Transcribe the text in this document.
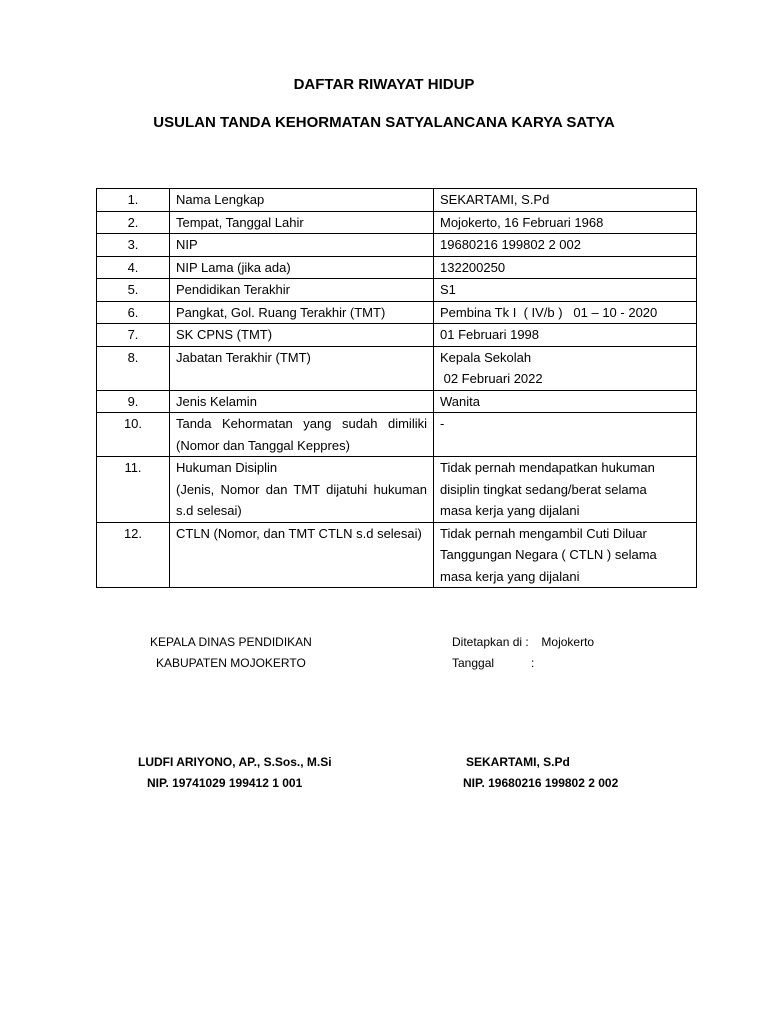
DAFTAR RIWAYAT HIDUP
USULAN TANDA KEHORMATAN SATYALANCANA KARYA SATYA
1.	Nama Lengkap	SEKARTAMI, S.Pd

2.	Tempat, Tanggal Lahir	Mojokerto, 16 Februari 1968

3.	NIP	19680216 199802 2 002

4.	NIP Lama (jika ada)	132200250

5.	Pendidikan Terakhir	S1

6.	Pangkat, Gol. Ruang Terakhir (TMT)	Pembina Tk I  ( IV/b )   01 – 10 - 2020

7.	SK CPNS (TMT)	01 Februari 1998

8.	Jabatan Terakhir (TMT)	Kepala Sekolah
02 Februari 2022

9.	Jenis Kelamin	Wanita

10.	Tanda Kehormatan yang sudah dimiliki (Nomor dan Tanggal Keppres)	-

11.	Hukuman Disiplin
(Jenis, Nomor dan TMT dijatuhi hukuman s.d selesai)	Tidak pernah mendapatkan hukuman
disiplin tingkat sedang/berat selama
masa kerja yang dijalani

12.	CTLN (Nomor, dan TMT CTLN s.d selesai)	Tidak pernah mengambil Cuti Diluar
Tanggungan Negara ( CTLN ) selama
masa kerja yang dijalani
KEPALA DINAS PENDIDIKAN
KABUPATEN MOJOKERTO
Ditetapkan di : Mojokerto
Tanggal	:
LUDFI ARIYONO, AP., S.Sos., M.Si
NIP. 19741029 199412 1 001
SEKARTAMI, S.Pd
NIP. 19680216 199802 2 002
